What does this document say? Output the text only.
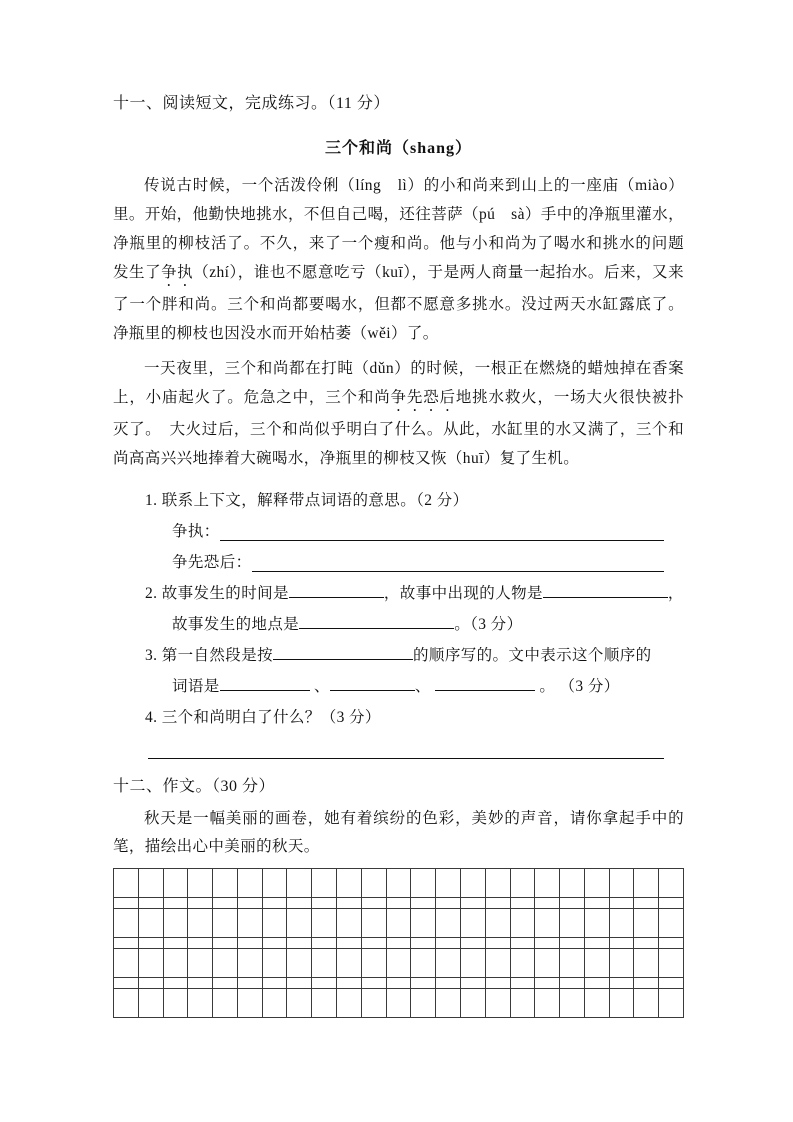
十一、阅读短文，完成练习。（11 分）
三个和尚（shang）

传说古时候，一个活泼伶俐（líng　lì）的小和尚来到山上的一座庙（miào）里。开始，他勤快地挑水，不但自己喝，还往菩萨（pú　sà）手中的净瓶里灌水，净瓶里的柳枝活了。不久，来了一个瘦和尚。他与小和尚为了喝水和挑水的问题发生了争执（zhí），谁也不愿意吃亏（kuī），于是两人商量一起抬水。后来，又来了一个胖和尚。三个和尚都要喝水，但都不愿意多挑水。没过两天水缸露底了。净瓶里的柳枝也因没水而开始枯萎（wěi）了。

一天夜里，三个和尚都在打盹（dǔn）的时候，一根正在燃烧的蜡烛掉在香案上，小庙起火了。危急之中，三个和尚争先恐后地挑水救火，一场大火很快被扑灭了。　大火过后，三个和尚似乎明白了什么。从此，水缸里的水又满了，三个和尚高高兴兴地捧着大碗喝水，净瓶里的柳枝又恢（huī）复了生机。

1. 联系上下文，解释带点词语的意思。（2 分）
争执：
争先恐后：
2. 故事发生的时间是	，故事中出现的人物是	，
故事发生的地点是	。（3 分）
3. 第一自然段是按	的顺序写的。文中表示这个顺序的
词语是	、	、	。 （3 分）
4. 三个和尚明白了什么？（3 分）
十二、作文。（30 分）

秋天是一幅美丽的画卷，她有着缤纷的色彩，美妙的声音，请你拿起手中的笔，描绘出心中美丽的秋天。
